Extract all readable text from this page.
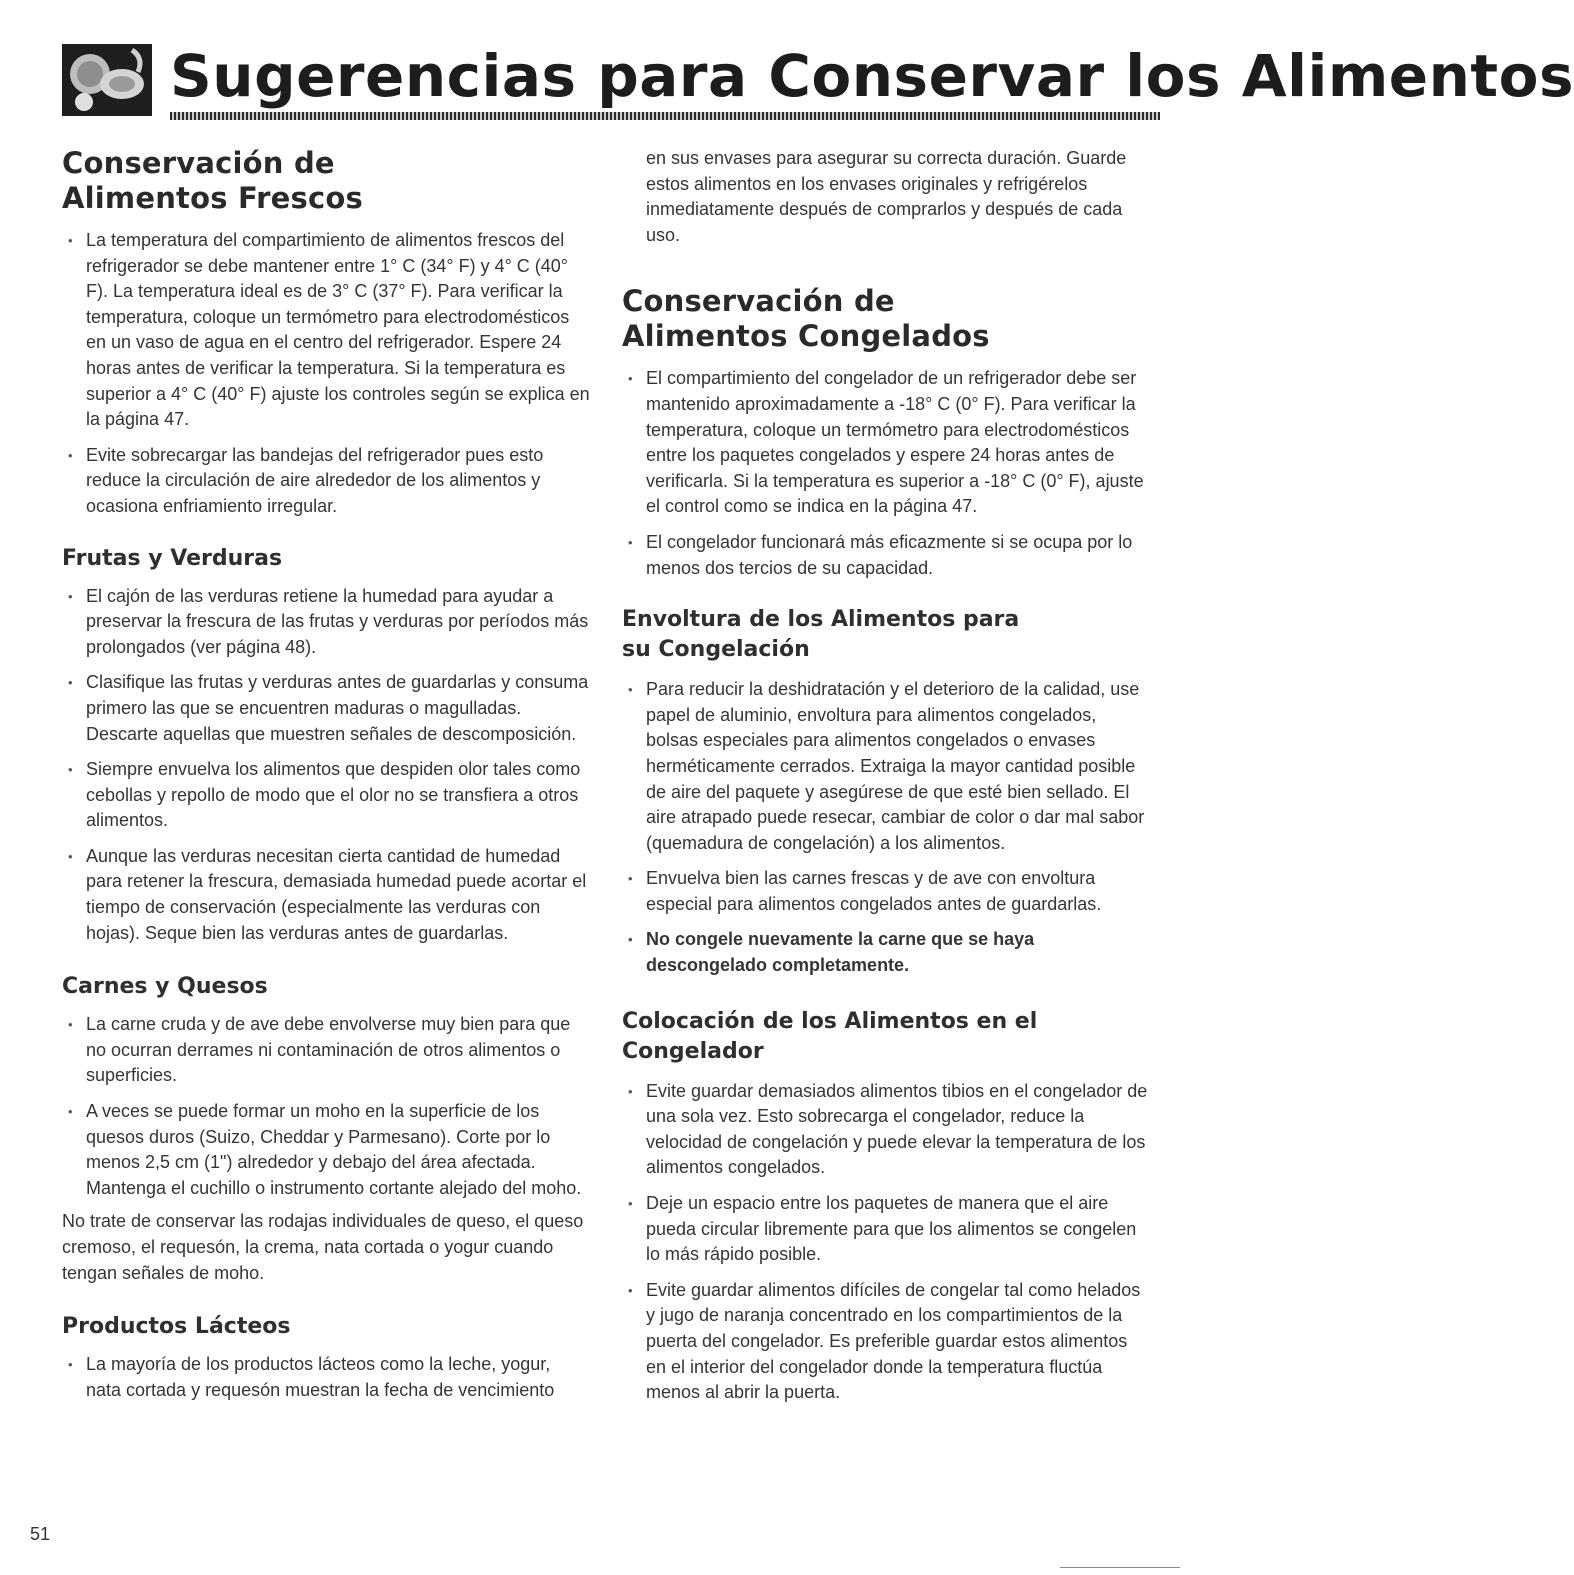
Sugerencias para Conservar los Alimentos
Conservación de Alimentos Frescos
• La temperatura del compartimiento de alimentos frescos del refrigerador se debe mantener entre 1° C (34° F) y 4° C (40° F). La temperatura ideal es de 3° C (37° F). Para verificar la temperatura, coloque un termómetro para electrodomésticos en un vaso de agua en el centro del refrigerador. Espere 24 horas antes de verificar la temperatura. Si la temperatura es superior a 4° C (40° F) ajuste los controles según se explica en la página 47.
• Evite sobrecargar las bandejas del refrigerador pues esto reduce la circulación de aire alrededor de los alimentos y ocasiona enfriamiento irregular.
Frutas y Verduras
• El cajón de las verduras retiene la humedad para ayudar a preservar la frescura de las frutas y verduras por períodos más prolongados (ver página 48).
• Clasifique las frutas y verduras antes de guardarlas y consuma primero las que se encuentren maduras o magulladas. Descarte aquellas que muestren señales de descomposición.
• Siempre envuelva los alimentos que despiden olor tales como cebollas y repollo de modo que el olor no se transfiera a otros alimentos.
• Aunque las verduras necesitan cierta cantidad de humedad para retener la frescura, demasiada humedad puede acortar el tiempo de conservación (especialmente las verduras con hojas). Seque bien las verduras antes de guardarlas.
Carnes y Quesos
• La carne cruda y de ave debe envolverse muy bien para que no ocurran derrames ni contaminación de otros alimentos o superficies.
• A veces se puede formar un moho en la superficie de los quesos duros (Suizo, Cheddar y Parmesano). Corte por lo menos 2,5 cm (1") alrededor y debajo del área afectada. Mantenga el cuchillo o instrumento cortante alejado del moho.

No trate de conservar las rodajas individuales de queso, el queso cremoso, el requesón, la crema, nata cortada o yogur cuando tengan señales de moho.

Productos Lácteos
• La mayoría de los productos lácteos como la leche, yogur, nata cortada y requesón muestran la fecha de vencimiento

en sus envases para asegurar su correcta duración. Guarde estos alimentos en los envases originales y refrigérelos inmediatamente después de comprarlos y después de cada uso.

Conservación de Alimentos Congelados
• El compartimiento del congelador de un refrigerador debe ser mantenido aproximadamente a -18° C (0° F). Para verificar la temperatura, coloque un termómetro para electrodomésticos entre los paquetes congelados y espere 24 horas antes de verificarla. Si la temperatura es superior a -18° C (0° F), ajuste el control como se indica en la página 47.
• El congelador funcionará más eficazmente si se ocupa por lo menos dos tercios de su capacidad.
Envoltura de los Alimentos para su Congelación
• Para reducir la deshidratación y el deterioro de la calidad, use papel de aluminio, envoltura para alimentos congelados, bolsas especiales para alimentos congelados o envases herméticamente cerrados. Extraiga la mayor cantidad posible de aire del paquete y asegúrese de que esté bien sellado. El aire atrapado puede resecar, cambiar de color o dar mal sabor (quemadura de congelación) a los alimentos.
• Envuelva bien las carnes frescas y de ave con envoltura especial para alimentos congelados antes de guardarlas.
• No congele nuevamente la carne que se haya descongelado completamente.
Colocación de los Alimentos en el Congelador
• Evite guardar demasiados alimentos tibios en el congelador de una sola vez. Esto sobrecarga el congelador, reduce la velocidad de congelación y puede elevar la temperatura de los alimentos congelados.
• Deje un espacio entre los paquetes de manera que el aire pueda circular libremente para que los alimentos se congelen lo más rápido posible.
• Evite guardar alimentos difíciles de congelar tal como helados y jugo de naranja concentrado en los compartimientos de la puerta del congelador. Es preferible guardar estos alimentos en el interior del congelador donde la temperatura fluctúa menos al abrir la puerta.
51
